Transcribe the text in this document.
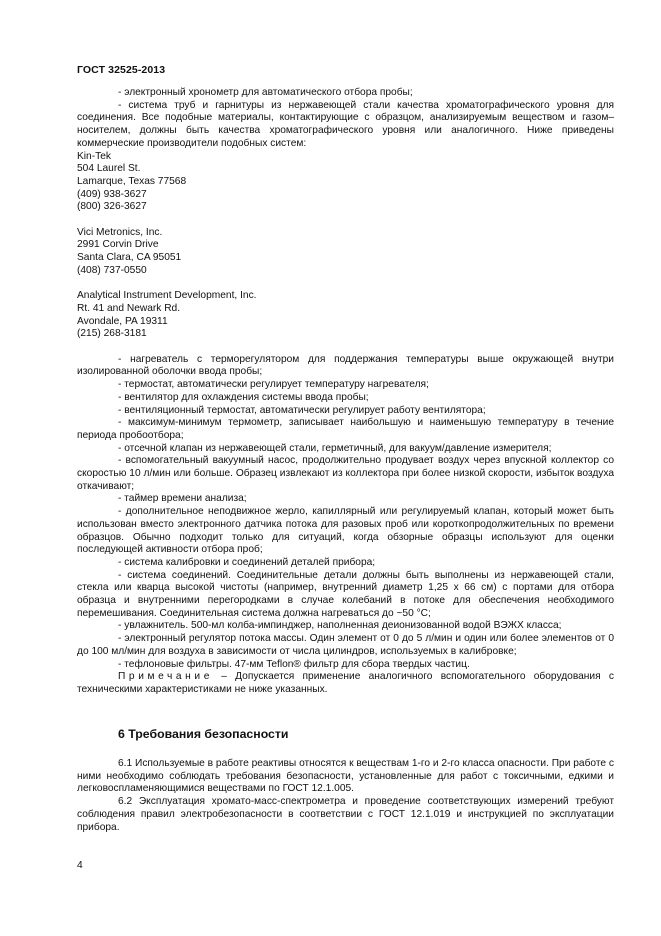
ГОСТ 32525-2013

- электронный хронометр для автоматического отбора пробы;

- система труб и гарнитуры из нержавеющей стали качества хроматографического уровня для соединения. Все подобные материалы, контактирующие с образцом, анализируемым веществом и газом–носителем, должны быть качества хроматографического уровня или аналогичного. Ниже приведены коммерческие производители подобных систем:

Kin-Tek

504 Laurel St.

Lamarque, Texas 77568

(409) 938-3627

(800) 326-3627

Vici Metronics, Inc.

2991 Corvin Drive

Santa Clara, CA 95051

(408) 737-0550

Analytical Instrument Development, Inc.

Rt. 41 and Newark Rd.

Avondale, PA 19311

(215) 268-3181

- нагреватель с терморегулятором для поддержания температуры выше окружающей внутри изолированной оболочки ввода пробы;

- термостат, автоматически регулирует температуру нагревателя;

- вентилятор для охлаждения системы ввода пробы;

- вентиляционный термостат, автоматически регулирует работу вентилятора;

- максимум-минимум термометр, записывает наибольшую и наименьшую температуру в течение периода пробоотбора;

- отсечной клапан из нержавеющей стали, герметичный, для вакуум/давление измерителя;

- вспомогательный вакуумный насос, продолжительно продувает воздух через впускной коллектор со скоростью 10 л/мин или больше. Образец извлекают из коллектора при более низкой скорости, избыток воздуха откачивают;

- таймер времени анализа;

- дополнительное неподвижное жерло, капиллярный или регулируемый клапан, который может быть использован вместо электронного датчика потока для разовых проб или короткопродолжительных по времени образцов. Обычно подходит только для ситуаций, когда обзорные образцы используют для оценки последующей активности отбора проб;

- система калибровки и соединений деталей прибора;

- система соединений. Соединительные детали должны быть выполнены из нержавеющей стали, стекла или кварца высокой чистоты (например, внутренний диаметр 1,25 х 66 см) с портами для отбора образца и внутренними перегородками в случае колебаний в потоке для обеспечения необходимого перемешивания. Соединительная система должна нагреваться до ~50 °С;

- увлажнитель. 500-мл колба-импинджер, наполненная деионизованной водой ВЭЖХ класса;

- электронный регулятор потока массы. Один элемент от 0 до 5 л/мин и один или более элементов от 0 до 100 мл/мин для воздуха в зависимости от числа цилиндров, используемых в калибровке;

- тефлоновые фильтры. 47-мм Teflon® фильтр для сбора твердых частиц.

Примечание – Допускается применение аналогичного вспомогательного оборудования с техническими характеристиками не ниже указанных.

6 Требования безопасности

6.1 Используемые в работе реактивы относятся к веществам 1-го и 2-го класса опасности. При работе с ними необходимо соблюдать требования безопасности, установленные для работ с токсичными, едкими и легковоспламеняющимися веществами по ГОСТ 12.1.005.

6.2 Эксплуатация хромато-масс-спектрометра и проведение соответствующих измерений требуют соблюдения правил электробезопасности в соответствии с ГОСТ 12.1.019 и инструкцией по эксплуатации прибора.

4
